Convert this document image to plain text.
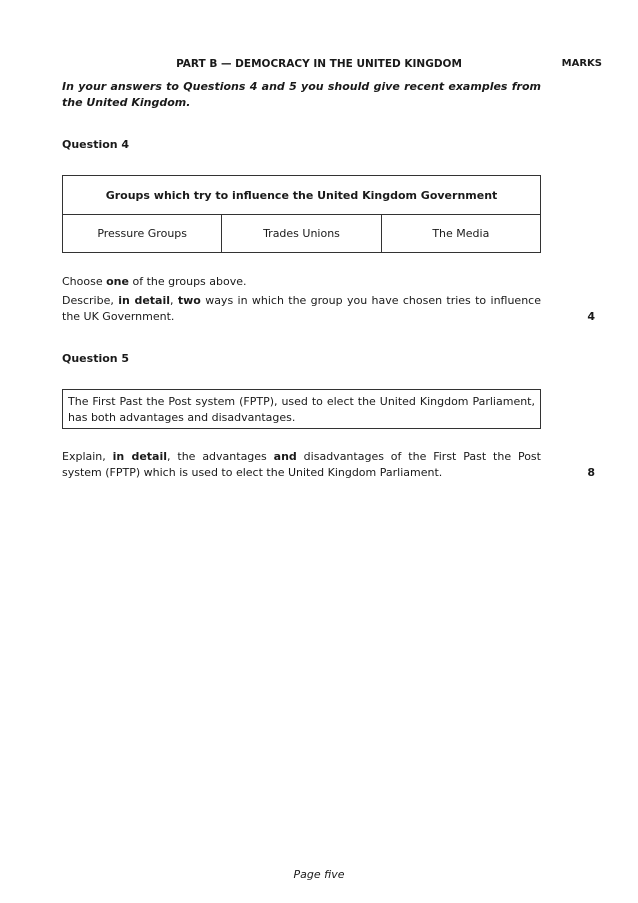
PART B — DEMOCRACY IN THE UNITED KINGDOM	MARKS
In your answers to Questions 4 and 5 you should give recent examples from the United Kingdom.
Question 4
Groups which try to influence the United Kingdom Government
Pressure Groups	Trades Unions	The Media
Choose one of the groups above.
Describe, in detail, two ways in which the group you have chosen tries to influence the UK Government.	4
Question 5
The First Past the Post system (FPTP), used to elect the United Kingdom Parliament, has both advantages and disadvantages.
Explain, in detail, the advantages and disadvantages of the First Past the Post system (FPTP) which is used to elect the United Kingdom Parliament.	8
Page five
